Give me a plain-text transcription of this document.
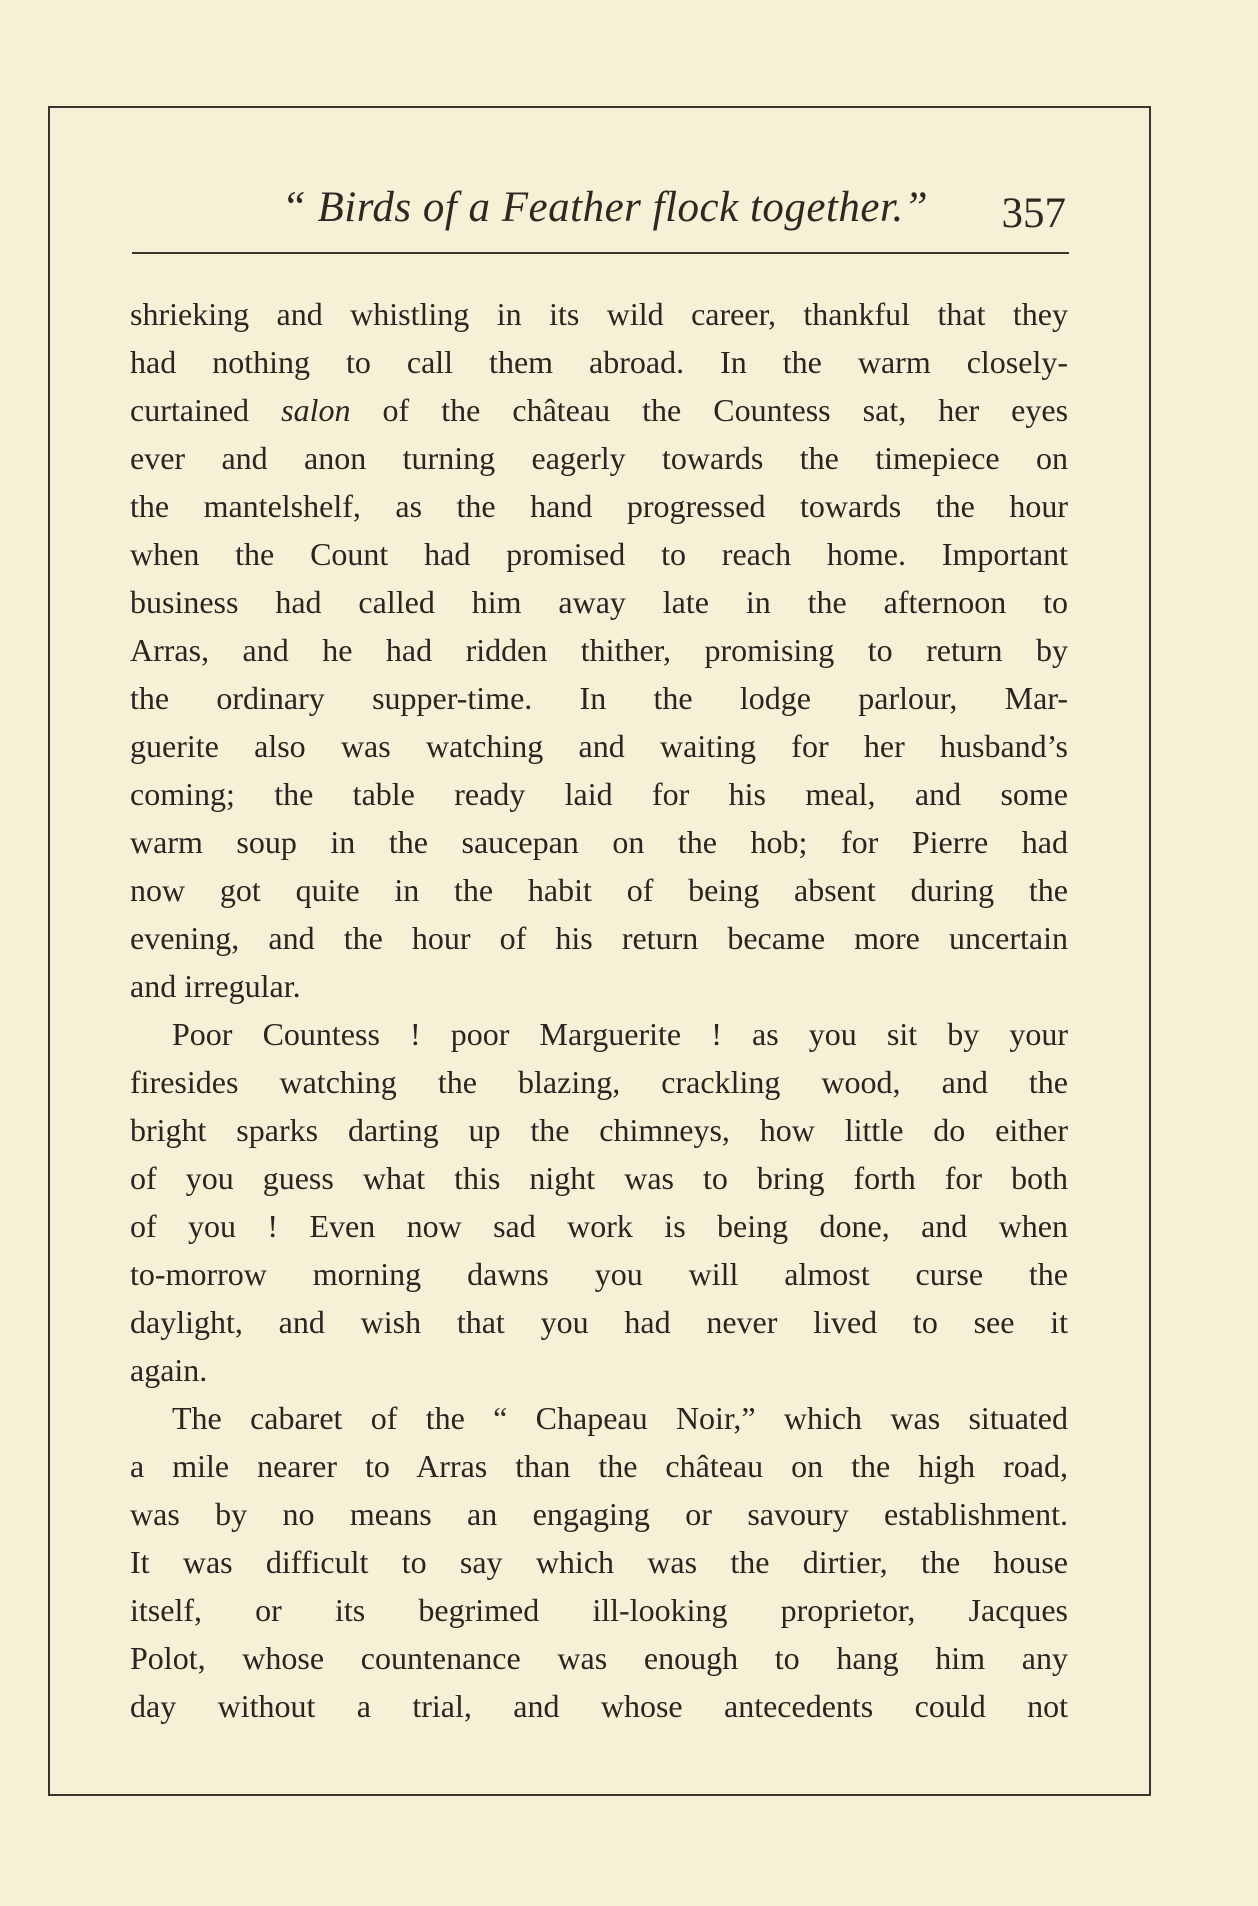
“ Birds of a Feather flock together.”	357
shrieking and whistling in its wild career, thankful that they
had nothing to call them abroad. In the warm closely-
curtained salon of the château the Countess sat, her eyes
ever and anon turning eagerly towards the timepiece on
the mantelshelf, as the hand progressed towards the hour
when the Count had promised to reach home. Important
business had called him away late in the afternoon to
Arras, and he had ridden thither, promising to return by
the ordinary supper-time. In the lodge parlour, Mar-
guerite also was watching and waiting for her husband’s
coming; the table ready laid for his meal, and some
warm soup in the saucepan on the hob; for Pierre had
now got quite in the habit of being absent during the
evening, and the hour of his return became more uncertain
and irregular.
Poor Countess ! poor Marguerite ! as you sit by your
firesides watching the blazing, crackling wood, and the
bright sparks darting up the chimneys, how little do either
of you guess what this night was to bring forth for both
of you ! Even now sad work is being done, and when
to-morrow morning dawns you will almost curse the
daylight, and wish that you had never lived to see it
again.
The cabaret of the “ Chapeau Noir,” which was situated
a mile nearer to Arras than the château on the high road,
was by no means an engaging or savoury establishment.
It was difficult to say which was the dirtier, the house
itself, or its begrimed ill-looking proprietor, Jacques
Polot, whose countenance was enough to hang him any
day without a trial, and whose antecedents could not
